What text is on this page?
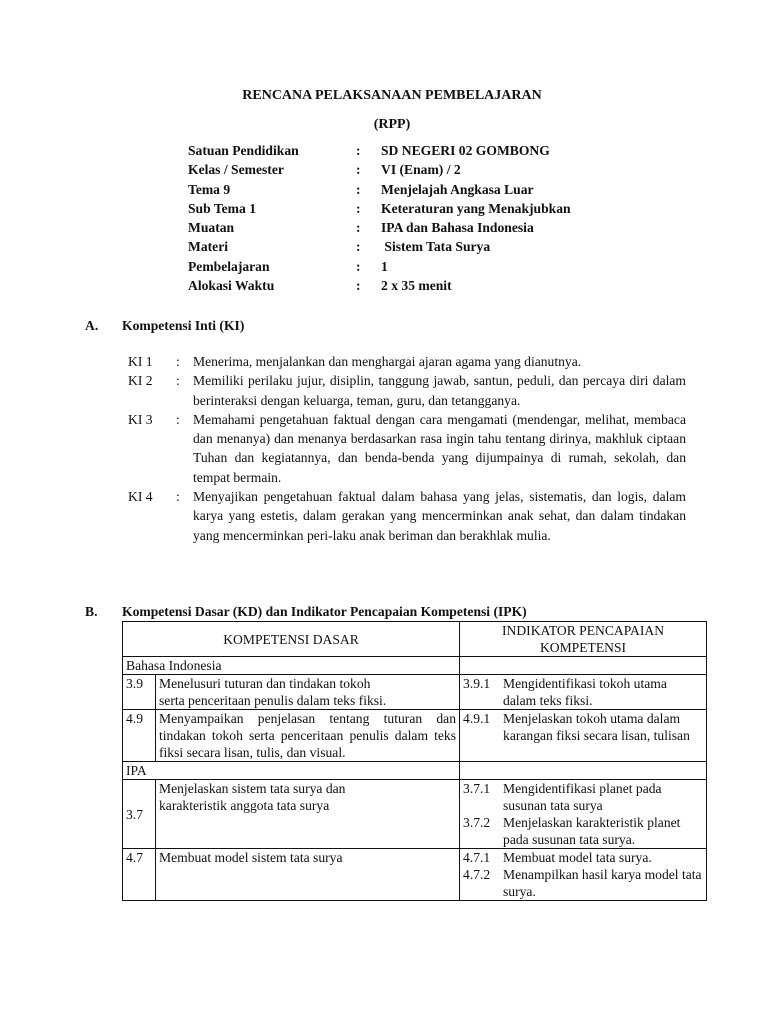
RENCANA PELAKSANAAN PEMBELAJARAN
(RPP)
Satuan Pendidikan	:	SD NEGERI 02 GOMBONG
Kelas / Semester	:	VI (Enam) / 2
Tema 9	:	Menjelajah Angkasa Luar
Sub Tema 1	:	Keteraturan yang Menakjubkan
Muatan	:	IPA dan Bahasa Indonesia
Materi	:	Sistem Tata Surya
Pembelajaran	:	1
Alokasi Waktu	:	2 x 35 menit
A.	Kompetensi Inti (KI)
KI 1	: Menerima, menjalankan dan menghargai ajaran agama yang dianutnya.
KI 2	: Memiliki perilaku jujur, disiplin, tanggung jawab, santun, peduli, dan percaya diri dalam berinteraksi dengan keluarga, teman, guru, dan tetangganya.
KI 3	: Memahami pengetahuan faktual dengan cara mengamati (mendengar, melihat, membaca dan menanya) dan menanya berdasarkan rasa ingin tahu tentang dirinya, makhluk ciptaan Tuhan dan kegiatannya, dan benda-benda yang dijumpainya di rumah, sekolah, dan tempat bermain.
KI 4	: Menyajikan pengetahuan faktual dalam bahasa yang jelas, sistematis, dan logis, dalam karya yang estetis, dalam gerakan yang mencerminkan anak sehat, dan dalam tindakan yang mencerminkan peri-laku anak beriman dan berakhlak mulia.
B.	Kompetensi Dasar (KD) dan Indikator Pencapaian Kompetensi (IPK)
KOMPETENSI DASAR		INDIKATOR PENCAPAIAN KOMPETENSI
Bahasa Indonesia		
3.9	Menelusuri tuturan dan tindakan tokoh serta penceritaan penulis dalam teks fiksi.	3.9.1 Mengidentifikasi tokoh utama dalam teks fiksi.

4.9	Menyampaikan penjelasan tentang tuturan dan tindakan tokoh serta penceritaan penulis dalam teks fiksi secara lisan, tulis, dan visual.	4.9.1 Menjelaskan tokoh utama dalam karangan fiksi secara lisan, tulisan

IPA		
3.7	Menjelaskan sistem tata surya dan karakteristik anggota tata surya	3.7.1 Mengidentifikasi planet pada susunan tata surya
3.7.2 Menjelaskan karakteristik planet pada susunan tata surya.

4.7	Membuat model sistem tata surya	4.7.1 Membuat model tata surya.
4.7.2 Menampilkan hasil karya model tata surya.
